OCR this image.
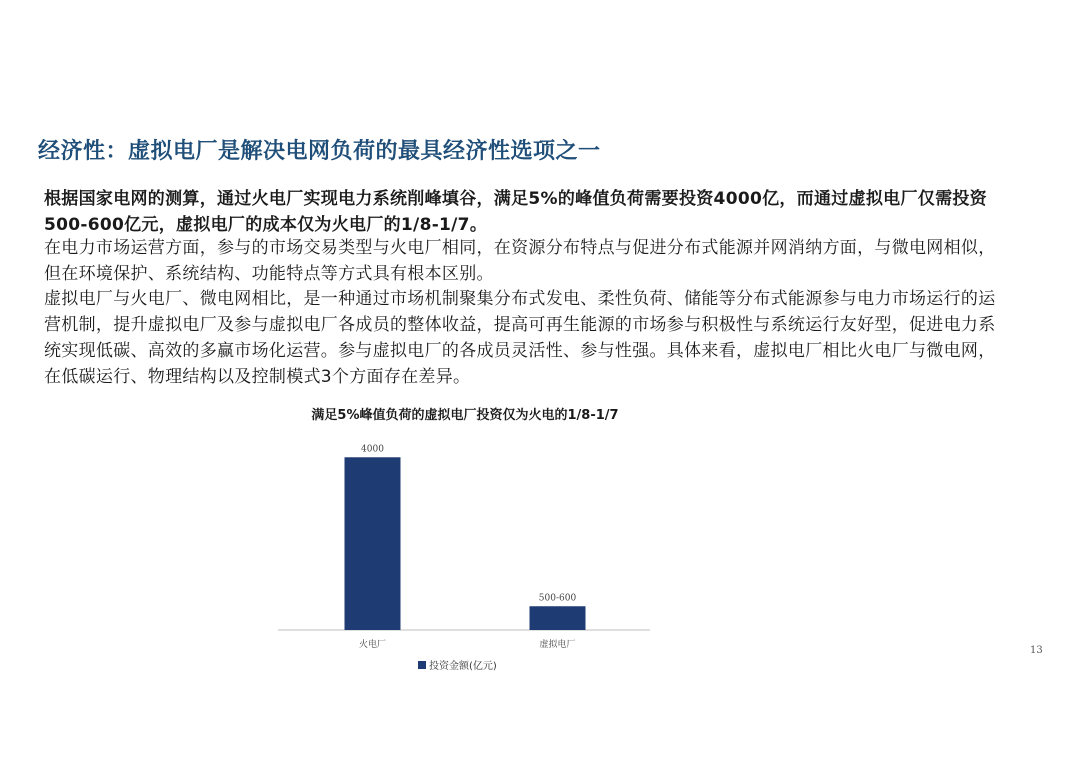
经济性：虚拟电厂是解决电网负荷的最具经济性选项之一
根据国家电网的测算，通过火电厂实现电力系统削峰填谷，满足5%的峰值负荷需要投资4000亿，而通过虚拟电厂仅需投资500-600亿元，虚拟电厂的成本仅为火电厂的1/8-1/7。
在电力市场运营方面，参与的市场交易类型与火电厂相同，在资源分布特点与促进分布式能源并网消纳方面，与微电网相似，但在环境保护、系统结构、功能特点等方式具有根本区别。
虚拟电厂与火电厂、微电网相比，是一种通过市场机制聚集分布式发电、柔性负荷、储能等分布式能源参与电力市场运行的运营机制，提升虚拟电厂及参与虚拟电厂各成员的整体收益，提高可再生能源的市场参与积极性与系统运行友好型，促进电力系统实现低碳、高效的多赢市场化运营。参与虚拟电厂的各成员灵活性、参与性强。具体来看，虚拟电厂相比火电厂与微电网，在低碳运行、物理结构以及控制模式3个方面存在差异。
满足5%峰值负荷的虚拟电厂投资仅为火电的1/8-1/7
4000
火电厂
500-600
虚拟电厂
投资金额(亿元)
13
